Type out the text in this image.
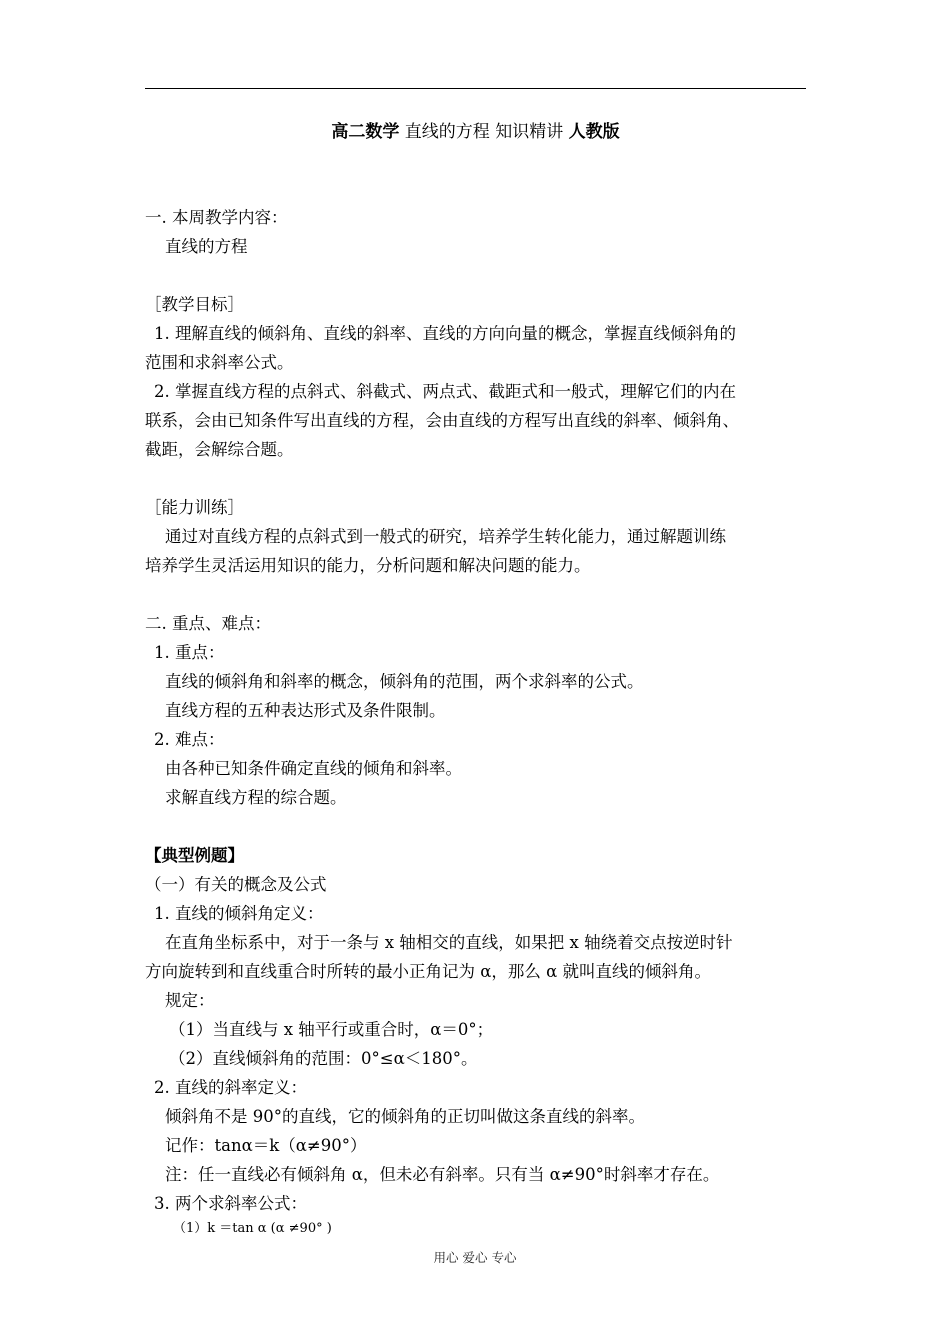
高二数学 直线的方程 知识精讲 人教版

一. 本周教学内容：

直线的方程

［教学目标］

1. 理解直线的倾斜角、直线的斜率、直线的方向向量的概念，掌握直线倾斜角的

范围和求斜率公式。

2. 掌握直线方程的点斜式、斜截式、两点式、截距式和一般式，理解它们的内在

联系，会由已知条件写出直线的方程，会由直线的方程写出直线的斜率、倾斜角、

截距，会解综合题。

［能力训练］

通过对直线方程的点斜式到一般式的研究，培养学生转化能力，通过解题训练

培养学生灵活运用知识的能力，分析问题和解决问题的能力。

二. 重点、难点：

1. 重点：

直线的倾斜角和斜率的概念，倾斜角的范围，两个求斜率的公式。

直线方程的五种表达形式及条件限制。

2. 难点：

由各种已知条件确定直线的倾角和斜率。

求解直线方程的综合题。

【典型例题】

（一）有关的概念及公式

1. 直线的倾斜角定义：

在直角坐标系中，对于一条与 x 轴相交的直线，如果把 x 轴绕着交点按逆时针

方向旋转到和直线重合时所转的最小正角记为 α，那么 α 就叫直线的倾斜角。

规定：

（1）当直线与 x 轴平行或重合时，α＝0°；

（2）直线倾斜角的范围：0°≤α＜180°。

2. 直线的斜率定义：

倾斜角不是 90°的直线，它的倾斜角的正切叫做这条直线的斜率。

记作：tanα＝k（α≠90°）

注：任一直线必有倾斜角 α，但未必有斜率。只有当 α≠90°时斜率才存在。

3. 两个求斜率公式：

（1）k ＝tan α (α ≠90° )

用心 爱心 专心
